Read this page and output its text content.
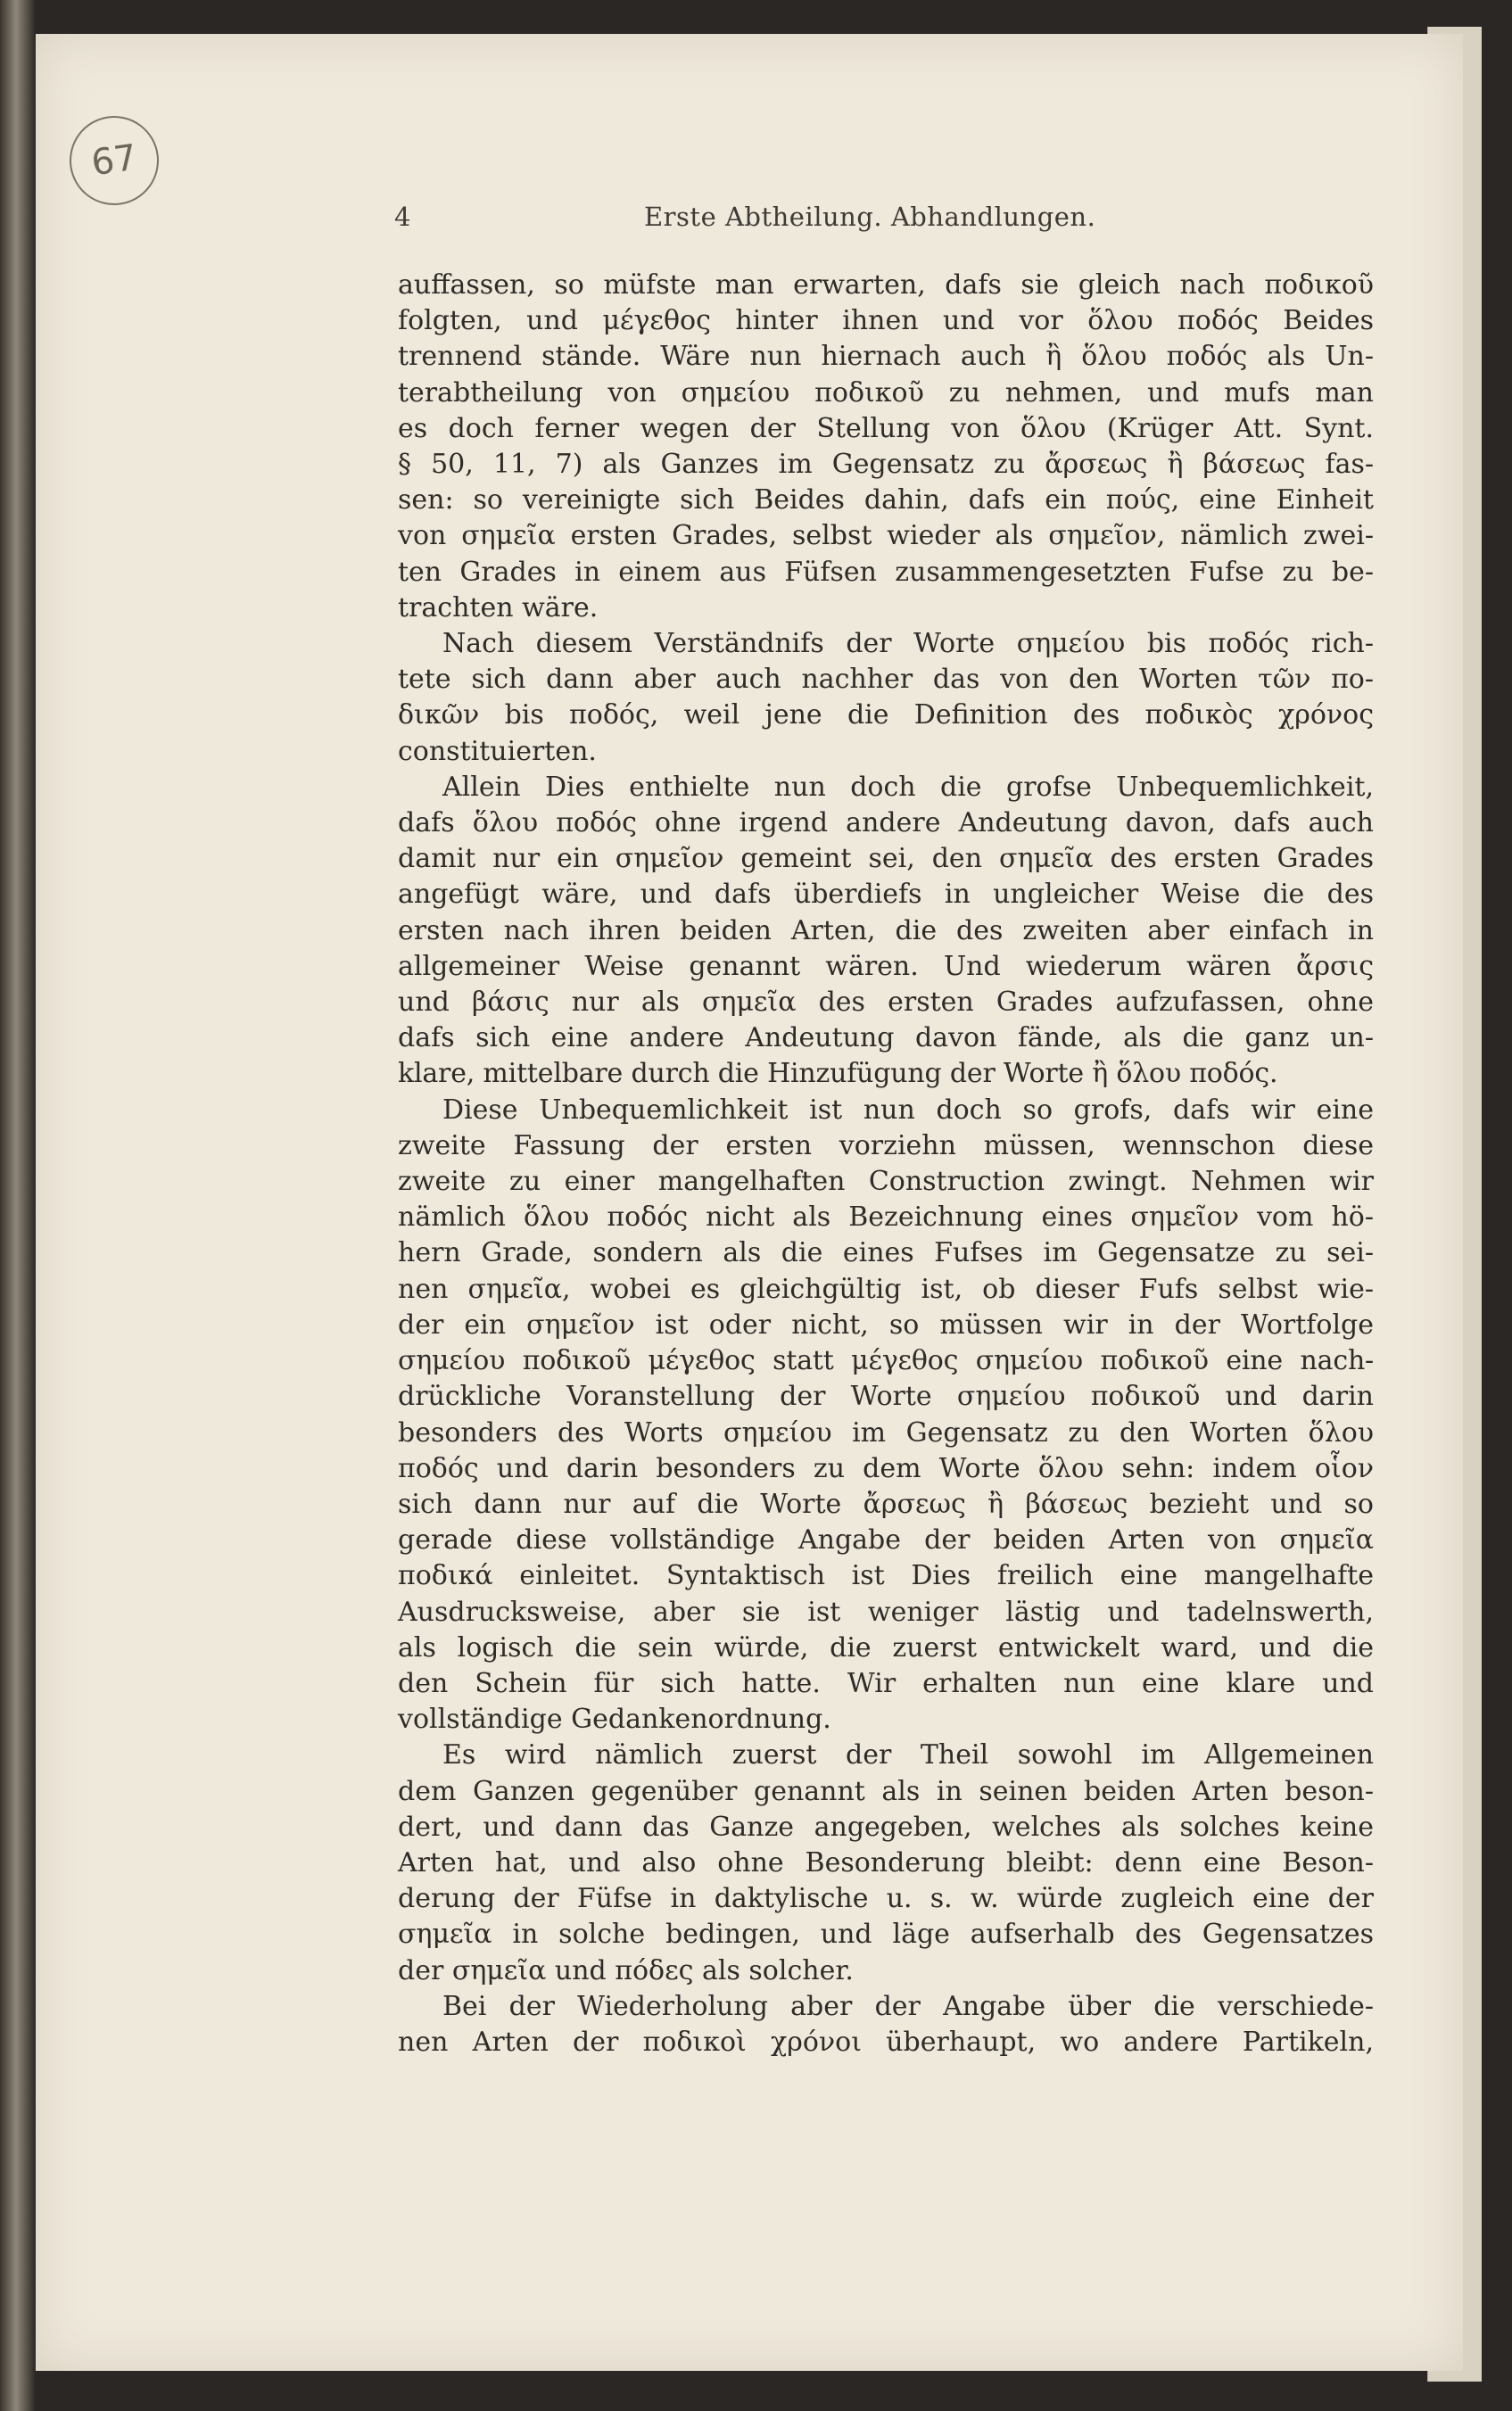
67
4	Erste Abtheilung. Abhandlungen.

auffassen, so müfste man erwarten, dafs sie gleich nach ποδικοῦ

folgten, und μέγεθος hinter ihnen und vor ὅλου ποδός Beides

trennend stände. Wäre nun hiernach auch ἢ ὅλου ποδός als Un-

terabtheilung von σημείου ποδικοῦ zu nehmen, und mufs man

es doch ferner wegen der Stellung von ὅλου (Krüger Att. Synt.

§ 50, 11, 7) als Ganzes im Gegensatz zu ἄρσεως ἢ βάσεως fas-

sen: so vereinigte sich Beides dahin, dafs ein πούς, eine Einheit

von σημεῖα ersten Grades, selbst wieder als σημεῖον, nämlich zwei-

ten Grades in einem aus Füfsen zusammengesetzten Fufse zu be-

trachten wäre.

Nach diesem Verständnifs der Worte σημείου bis ποδός rich-

tete sich dann aber auch nachher das von den Worten τῶν πο-

δικῶν bis ποδός, weil jene die Definition des ποδικὸς χρόνος

constituierten.

Allein Dies enthielte nun doch die grofse Unbequemlichkeit,

dafs ὅλου ποδός ohne irgend andere Andeutung davon, dafs auch

damit nur ein σημεῖον gemeint sei, den σημεῖα des ersten Grades

angefügt wäre, und dafs überdiefs in ungleicher Weise die des

ersten nach ihren beiden Arten, die des zweiten aber einfach in

allgemeiner Weise genannt wären. Und wiederum wären ἄρσις

und βάσις nur als σημεῖα des ersten Grades aufzufassen, ohne

dafs sich eine andere Andeutung davon fände, als die ganz un-

klare, mittelbare durch die Hinzufügung der Worte ἢ ὅλου ποδός.

Diese Unbequemlichkeit ist nun doch so grofs, dafs wir eine

zweite Fassung der ersten vorziehn müssen, wennschon diese

zweite zu einer mangelhaften Construction zwingt. Nehmen wir

nämlich ὅλου ποδός nicht als Bezeichnung eines σημεῖον vom hö-

hern Grade, sondern als die eines Fufses im Gegensatze zu sei-

nen σημεῖα, wobei es gleichgültig ist, ob dieser Fufs selbst wie-

der ein σημεῖον ist oder nicht, so müssen wir in der Wortfolge

σημείου ποδικοῦ μέγεθος statt μέγεθος σημείου ποδικοῦ eine nach-

drückliche Voranstellung der Worte σημείου ποδικοῦ und darin

besonders des Worts σημείου im Gegensatz zu den Worten ὅλου

ποδός und darin besonders zu dem Worte ὅλου sehn: indem οἷον

sich dann nur auf die Worte ἄρσεως ἢ βάσεως bezieht und so

gerade diese vollständige Angabe der beiden Arten von σημεῖα

ποδικά einleitet. Syntaktisch ist Dies freilich eine mangelhafte

Ausdrucksweise, aber sie ist weniger lästig und tadelnswerth,

als logisch die sein würde, die zuerst entwickelt ward, und die

den Schein für sich hatte. Wir erhalten nun eine klare und

vollständige Gedankenordnung.

Es wird nämlich zuerst der Theil sowohl im Allgemeinen

dem Ganzen gegenüber genannt als in seinen beiden Arten beson-

dert, und dann das Ganze angegeben, welches als solches keine

Arten hat, und also ohne Besonderung bleibt: denn eine Beson-

derung der Füfse in daktylische u. s. w. würde zugleich eine der

σημεῖα in solche bedingen, und läge aufserhalb des Gegensatzes

der σημεῖα und πόδες als solcher.

Bei der Wiederholung aber der Angabe über die verschiede-

nen Arten der ποδικοὶ χρόνοι überhaupt, wo andere Partikeln,
